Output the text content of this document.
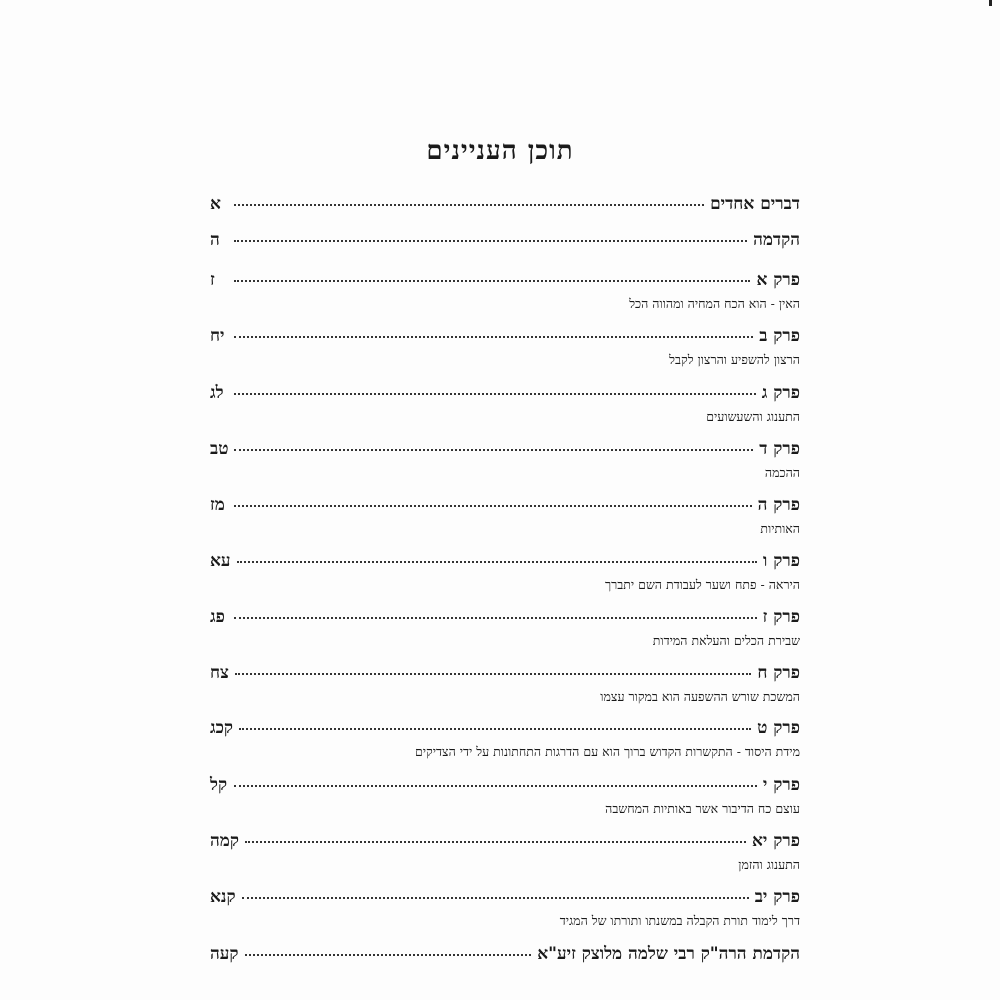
תוכן העניינים
דברים אחדים
א
הקדמה
ה
פרק א
ז
האין - הוא הכח המחיה ומהווה הכל
פרק ב
יח
הרצון להשפיע והרצון לקבל
פרק ג
לג
התענוג והשעשועים
פרק ד
טב
ההכמה
פרק ה
מז
האותיות
פרק ו
עא
היראה - פתח ושער לעבודת השם יתברך
פרק ז
פג
שבירת הכלים והעלאת המידות
פרק ח
צח
המשכת שורש ההשפעה הוא במקור עצמו
פרק ט
קכג
מידת היסוד - התקשרות הקדוש ברוך הוא עם הדרגות התחתונות על ידי הצדיקים
פרק י
קל
עוצם כח הדיבור אשר באותיות המחשבה
פרק יא
קמה
התענוג והזמן
פרק יב
קנא
דרך לימוד תורת הקבלה במשנתו ותורתו של המגיד
הקדמת הרה"ק רבי שלמה מלוצק זיע"א
קעה
